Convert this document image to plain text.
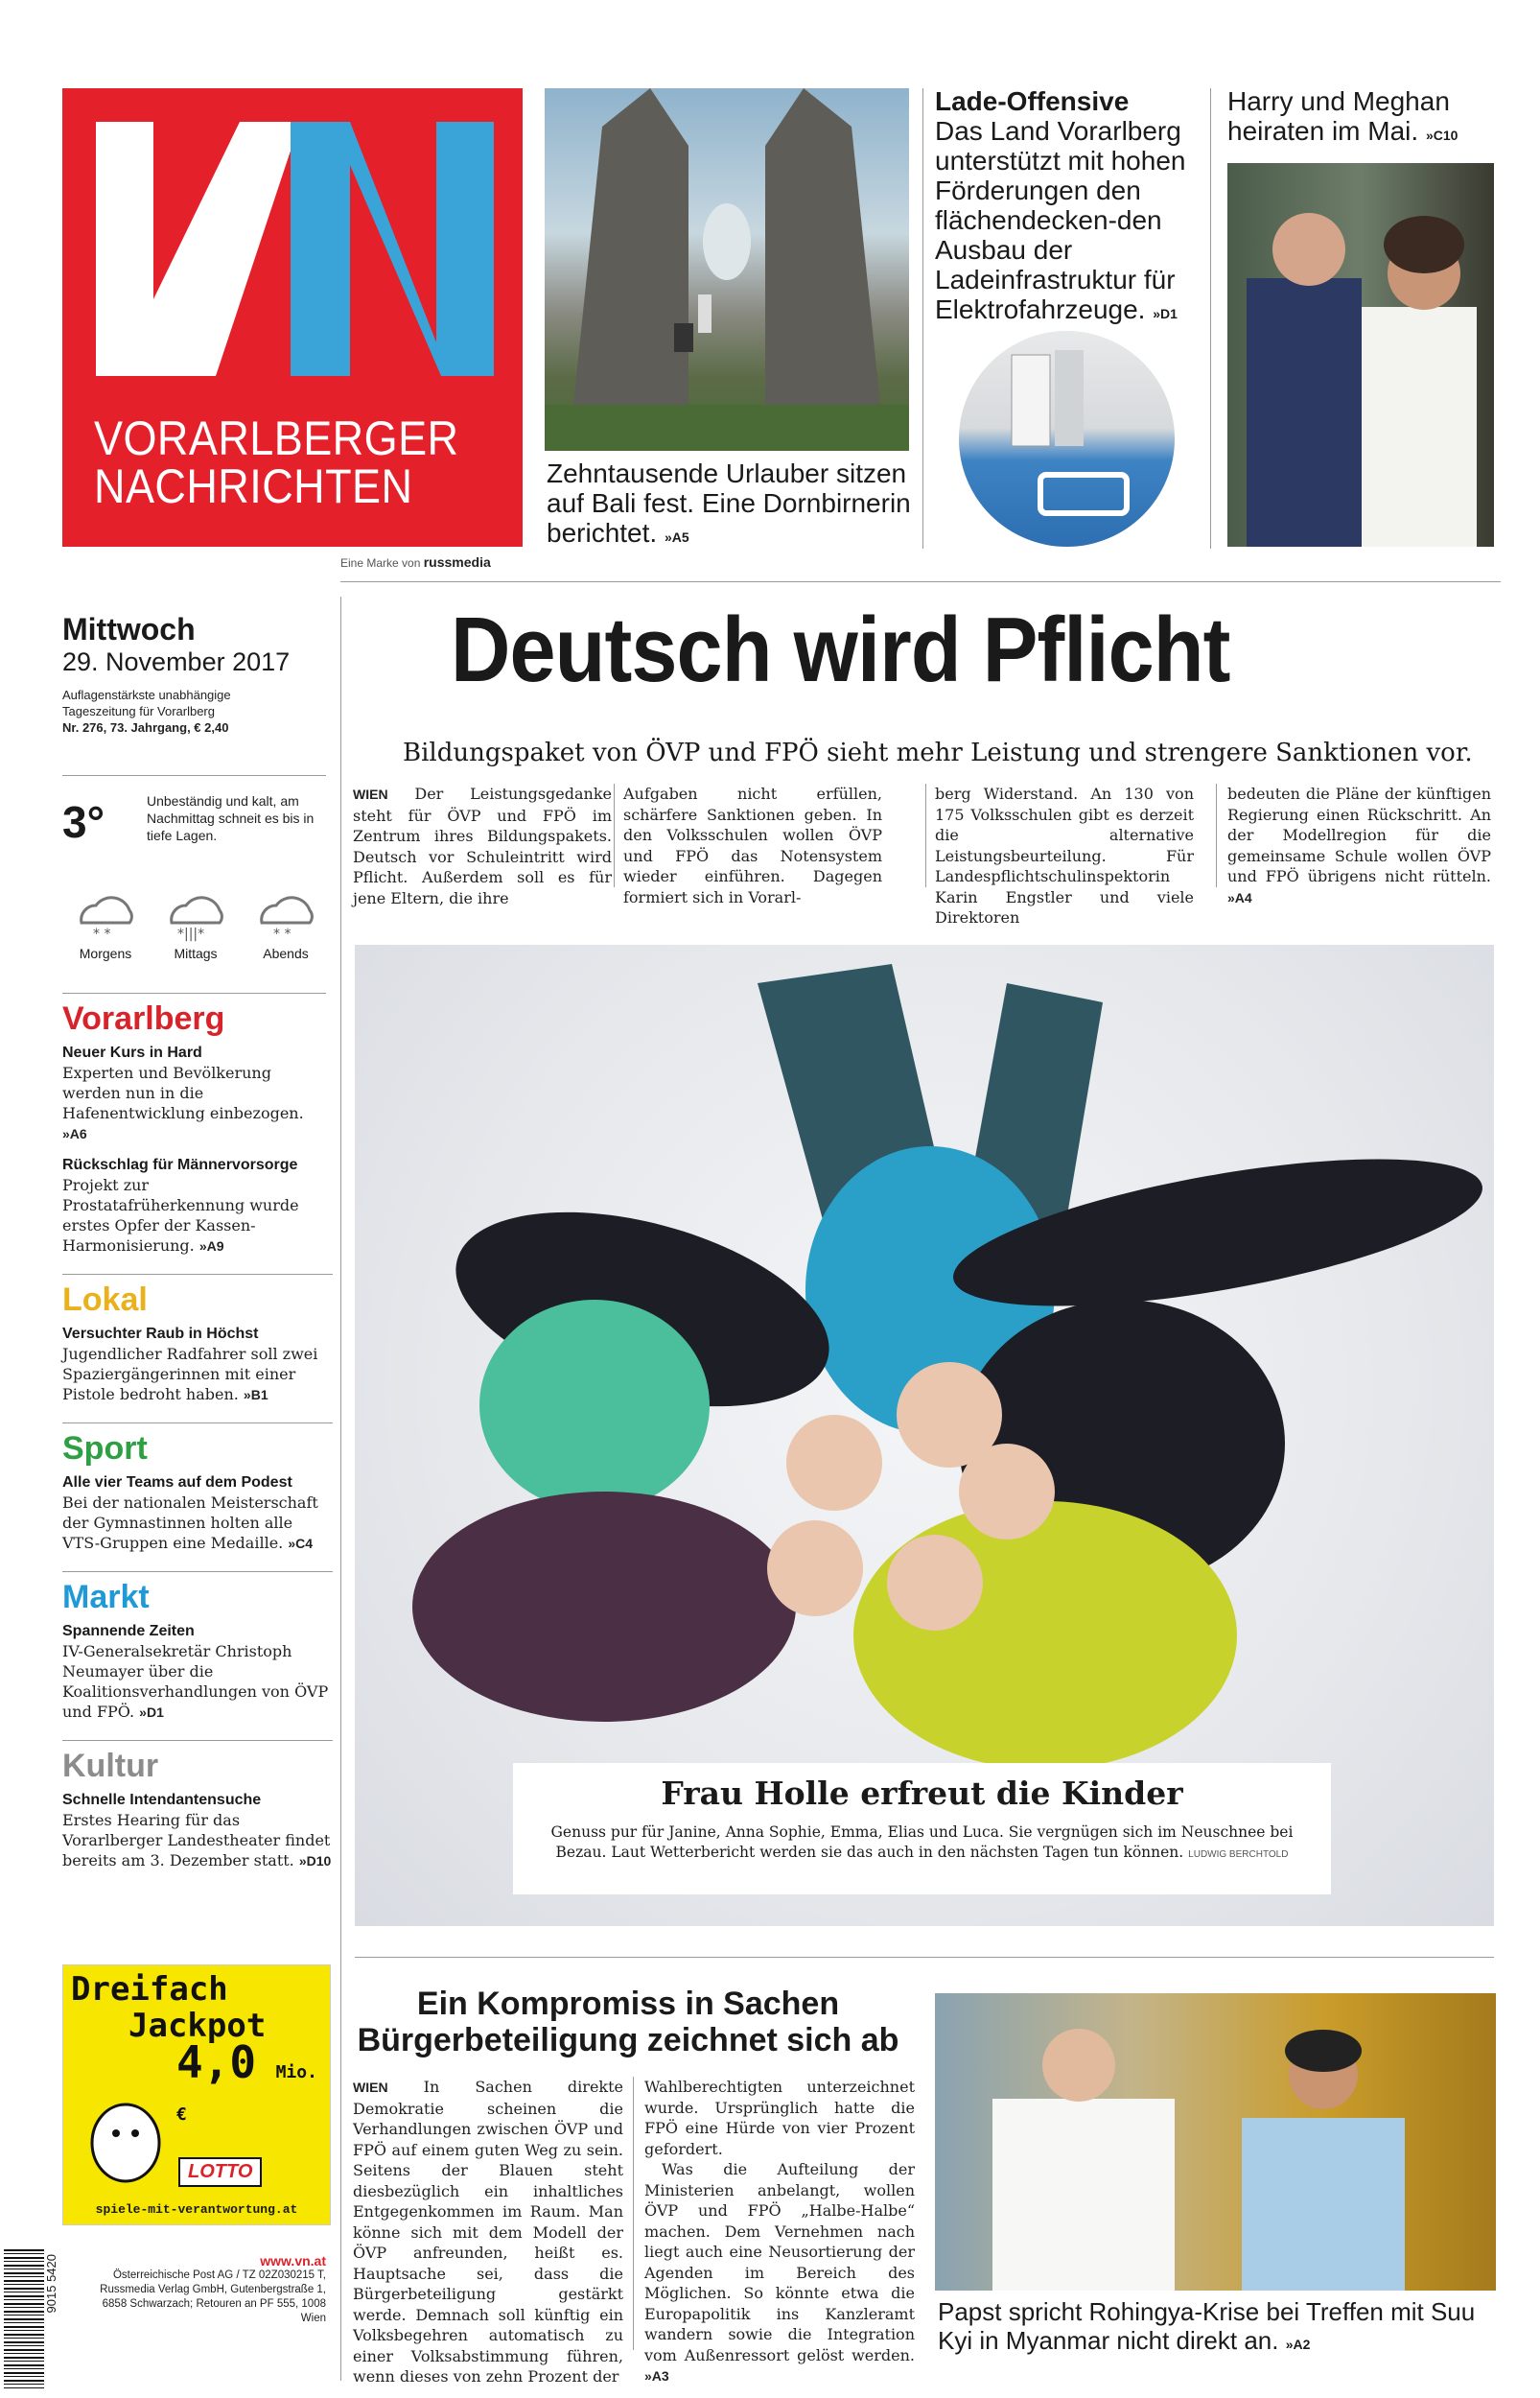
VORARLBERGER
NACHRICHTEN
Eine Marke von russmedia
Zehntausende Urlauber sitzen auf Bali fest. Eine Dornbirnerin berichtet. »A5
Lade-Offensive
Das Land Vorarlberg unterstützt mit hohen Förderungen den flächendecken-den Ausbau der Ladeinfrastruktur für Elektrofahrzeuge. »D1
Harry und Meghan heiraten im Mai. »C10
Mittwoch
29. November 2017
Auflagenstärkste unabhängige
Tageszeitung für Vorarlberg
Nr. 276, 73. Jahrgang, € 2,40
3°	Unbeständig und kalt, am Nachmittag schneit es bis in tiefe Lagen.
* *
Morgens
*|||*
Mittags
* *
Abends
Vorarlberg
Neuer Kurs in Hard
Experten und Bevölkerung werden nun in die Hafenentwicklung einbezogen. »A6
Rückschlag für Männervorsorge
Projekt zur Prostatafrüherkennung wurde erstes Opfer der Kassen-Harmonisierung. »A9
Lokal
Versuchter Raub in Höchst
Jugendlicher Radfahrer soll zwei Spaziergängerinnen mit einer Pistole bedroht haben. »B1
Sport
Alle vier Teams auf dem Podest
Bei der nationalen Meisterschaft der Gymnastinnen holten alle VTS-Gruppen eine Medaille. »C4
Markt
Spannende Zeiten
IV-Generalsekretär Christoph Neumayer über die Koalitionsverhandlungen von ÖVP und FPÖ. »D1
Kultur
Schnelle Intendantensuche
Erstes Hearing für das Vorarlberger Landestheater findet bereits am 3. Dezember statt. »D10
Dreifach
Jackpot
4,0 Mio. €
LOTTO
spiele-mit-verantwortung.at
9015 5420	www.vn.at
Österreichische Post AG / TZ 02Z030215 T, Russmedia Verlag GmbH, Gutenbergstraße 1, 6858 Schwarzach; Retouren an PF 555, 1008 Wien
Deutsch wird Pflicht
Bildungspaket von ÖVP und FPÖ sieht mehr Leistung und strengere Sanktionen vor.
WIEN Der Leistungsgedanke steht für ÖVP und FPÖ im Zentrum ihres Bildungspakets. Deutsch vor Schuleintritt wird Pflicht. Außerdem soll es für jene Eltern, die ihre
Aufgaben nicht erfüllen, schärfere Sanktionen geben. In den Volksschulen wollen ÖVP und FPÖ das Notensystem wieder einführen. Dagegen formiert sich in Vorarl-
berg Widerstand. An 130 von 175 Volksschulen gibt es derzeit die alternative Leistungsbeurteilung. Für Landespflichtschulinspektorin Karin Engstler und viele Direktoren
bedeuten die Pläne der künftigen Regierung einen Rückschritt. An der Modellregion für die gemeinsame Schule wollen ÖVP und FPÖ übrigens nicht rütteln. »A4
Frau Holle erfreut die Kinder
Genuss pur für Janine, Anna Sophie, Emma, Elias und Luca. Sie vergnügen sich im Neuschnee bei Bezau. Laut Wetterbericht werden sie das auch in den nächsten Tagen tun können. LUDWIG BERCHTOLD
Ein Kompromiss in Sachen Bürgerbeteiligung zeichnet sich ab
WIEN In Sachen direkte Demokratie scheinen die Verhandlungen zwischen ÖVP und FPÖ auf einem guten Weg zu sein. Seitens der Blauen steht diesbezüglich ein inhaltliches Entgegenkommen im Raum. Man könne sich mit dem Modell der ÖVP anfreunden, heißt es. Hauptsache sei, dass die Bürgerbeteiligung gestärkt werde. Demnach soll künftig ein Volksbegehren automatisch zu einer Volksabstimmung führen, wenn dieses von zehn Prozent der
Wahlberechtigten unterzeichnet wurde. Ursprünglich hatte die FPÖ eine Hürde von vier Prozent gefordert.
Was die Aufteilung der Ministerien anbelangt, wollen ÖVP und FPÖ „Halbe-Halbe“ machen. Dem Vernehmen nach liegt auch eine Neusortierung der Agenden im Bereich des Möglichen. So könnte etwa die Europapolitik ins Kanzleramt wandern sowie die Integration vom Außenressort gelöst werden. »A3
Papst spricht Rohingya-Krise bei Treffen mit Suu Kyi in Myanmar nicht direkt an. »A2
